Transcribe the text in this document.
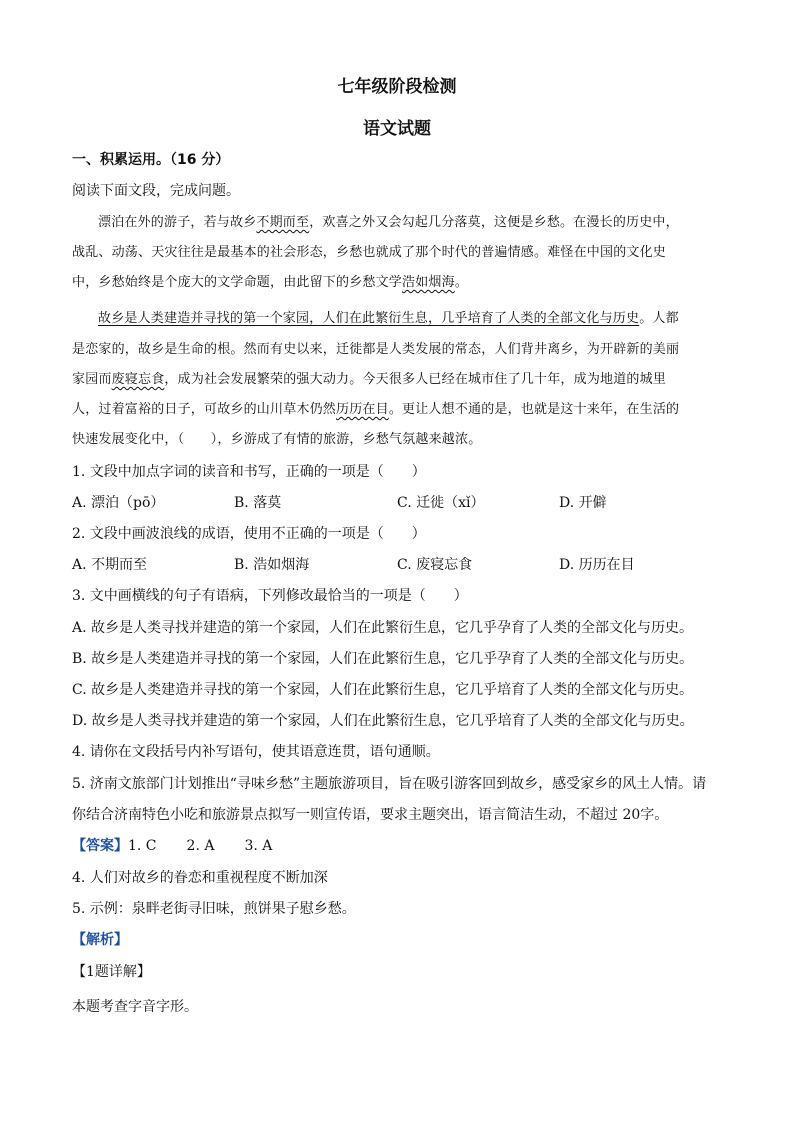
七年级阶段检测
语文试题
一、积累运用。（16 分）
阅读下面文段，完成问题。
漂泊在外的游子，若与故乡不期而至，欢喜之外又会勾起几分落莫，这便是乡愁。在漫长的历史中，
战乱、动荡、天灾往往是最基本的社会形态，乡愁也就成了那个时代的普遍情感。难怪在中国的文化史
中，乡愁始终是个庞大的文学命题，由此留下的乡愁文学浩如烟海。
故乡是人类建造并寻找的第一个家园，人们在此繁衍生息，几乎培育了人类的全部文化与历史。人都
是恋家的，故乡是生命的根。然而有史以来，迁徙都是人类发展的常态，人们背井离乡，为开辟新的美丽
家园而废寝忘食，成为社会发展繁荣的强大动力。今天很多人已经在城市住了几十年，成为地道的城里
人，过着富裕的日子，可故乡的山川草木仍然历历在目。更让人想不通的是，也就是这十来年，在生活的
快速发展变化中，（　　），乡游成了有情的旅游，乡愁气氛越来越浓。
1. 文段中加点字词的读音和书写，正确的一项是（　　）
A. 漂泊（pō）	B. 落莫	C. 迁徙（xǐ）	D. 开僻
2. 文段中画波浪线的成语，使用不正确的一项是（　　）
A. 不期而至	B. 浩如烟海	C. 废寝忘食	D. 历历在目
3. 文中画横线的句子有语病，下列修改最恰当的一项是（　　）
A. 故乡是人类寻找并建造的第一个家园，人们在此繁衍生息，它几乎孕育了人类的全部文化与历史。
B. 故乡是人类建造并寻找的第一个家园，人们在此繁衍生息，它几乎孕育了人类的全部文化与历史。
C. 故乡是人类建造并寻找的第一个家园，人们在此繁衍生息，它几乎培育了人类的全部文化与历史。
D. 故乡是人类寻找并建造的第一个家园，人们在此繁衍生息，它几乎培育了人类的全部文化与历史。
4. 请你在文段括号内补写语句，使其语意连贯，语句通顺。
5. 济南文旅部门计划推出“寻味乡愁”主题旅游项目，旨在吸引游客回到故乡，感受家乡的风土人情。请
你结合济南特色小吃和旅游景点拟写一则宣传语，要求主题突出，语言简洁生动，不超过 20字。
【答案】1. C 2. A 3. A
4. 人们对故乡的眷恋和重视程度不断加深
5. 示例：泉畔老街寻旧味，煎饼果子慰乡愁。
【解析】
【1题详解】
本题考查字音字形。
